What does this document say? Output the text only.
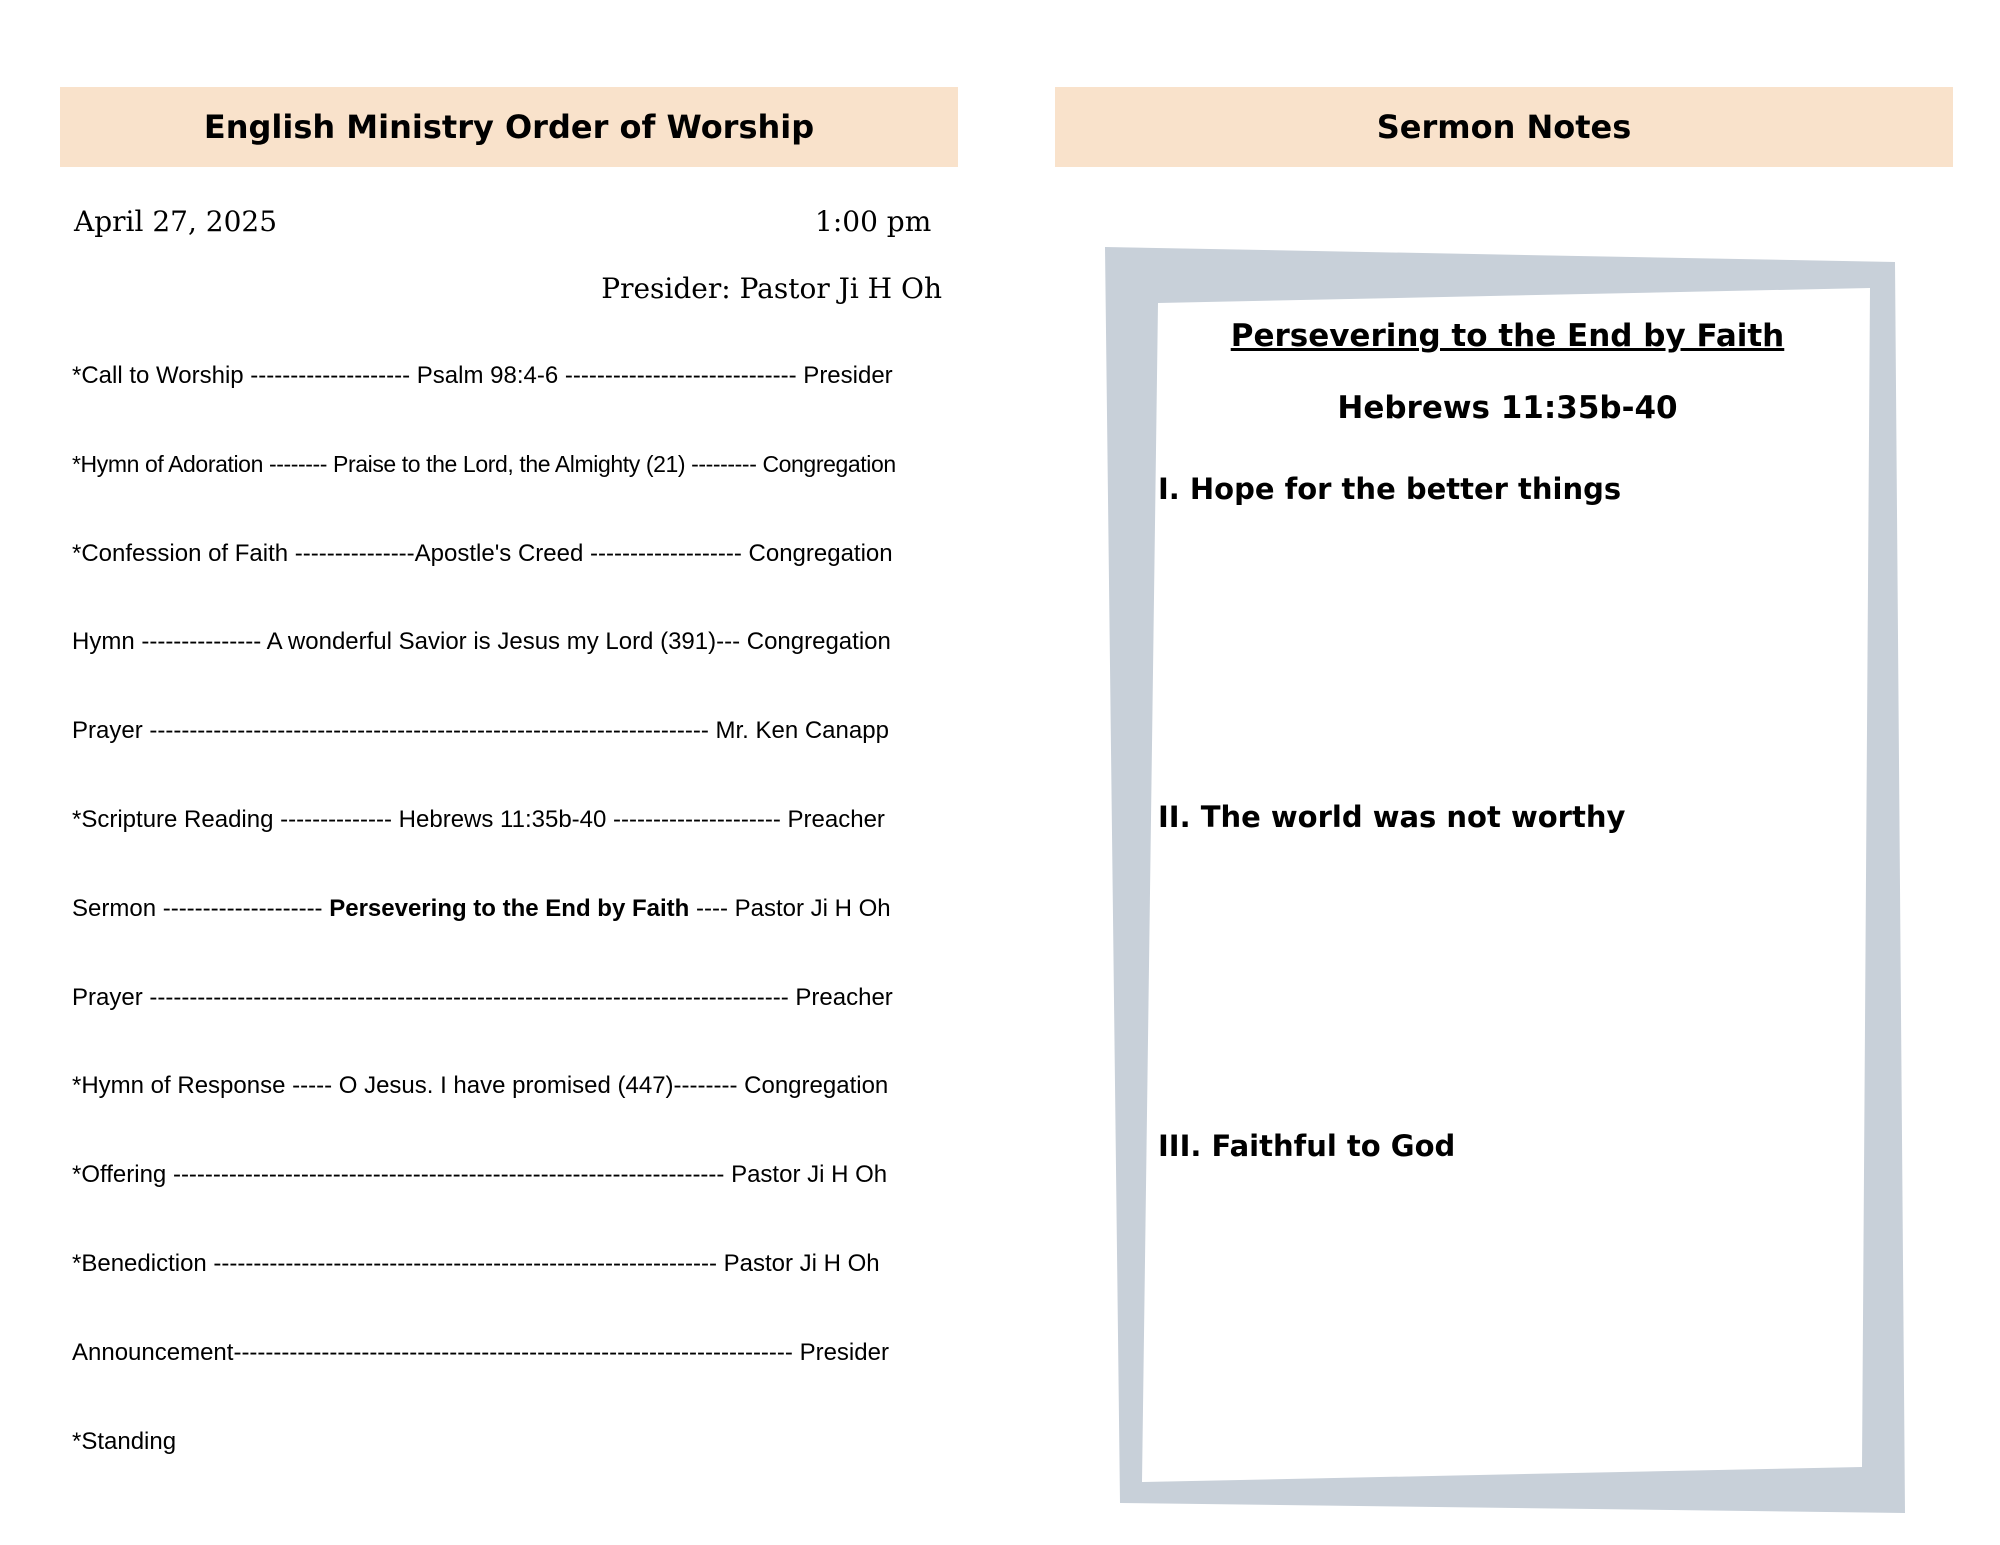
English Ministry Order of Worship	Sermon Notes
April 27, 2025	1:00 pm
Presider: Pastor Ji H Oh
*Call to Worship -------------------- Psalm 98:4-6 ----------------------------- Presider
*Hymn of Adoration -------- Praise to the Lord, the Almighty (21) --------- Congregation
*Confession of Faith ---------------Apostle's Creed ------------------- Congregation
Hymn --------------- A wonderful Savior is Jesus my Lord (391)--- Congregation
Prayer ---------------------------------------------------------------------- Mr. Ken Canapp
*Scripture Reading -------------- Hebrews 11:35b-40 --------------------- Preacher
Sermon -------------------- Persevering to the End by Faith ---- Pastor Ji H Oh
Prayer -------------------------------------------------------------------------------- Preacher
*Hymn of Response ----- O Jesus. I have promised (447)-------- Congregation
*Offering --------------------------------------------------------------------- Pastor Ji H Oh
*Benediction --------------------------------------------------------------- Pastor Ji H Oh
Announcement---------------------------------------------------------------------- Presider
*Standing
Persevering to the End by Faith
Hebrews 11:35b-40
I. Hope for the better things
II. The world was not worthy
III. Faithful to God
